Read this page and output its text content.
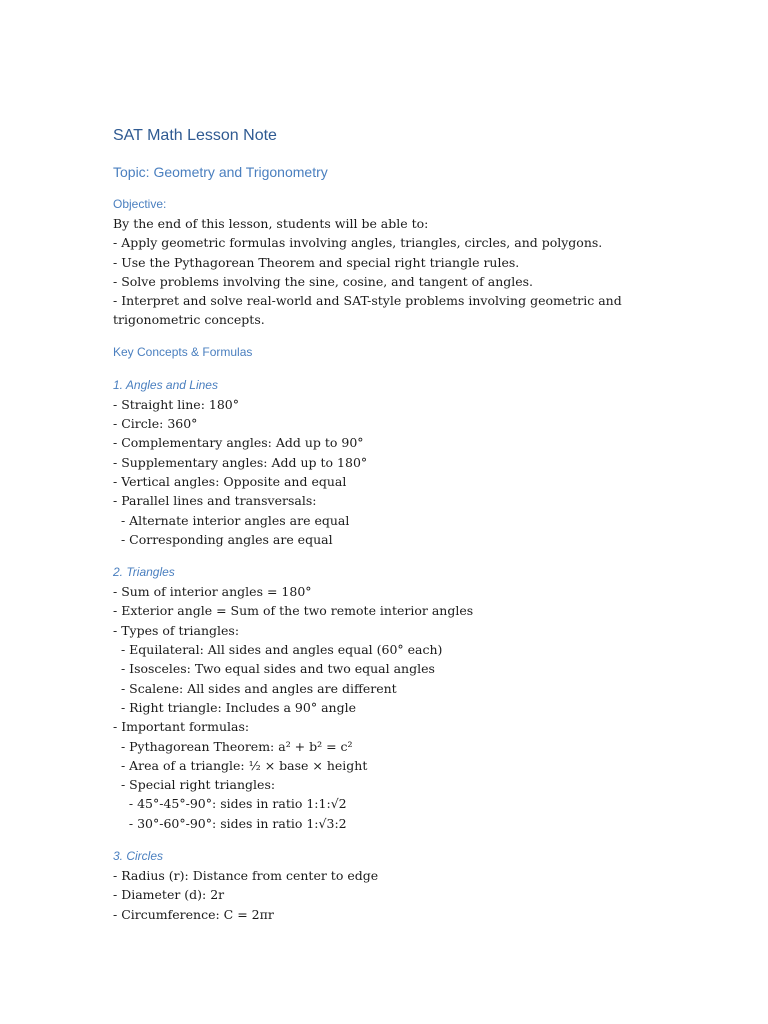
SAT Math Lesson Note
Topic: Geometry and Trigonometry
Objective:
By the end of this lesson, students will be able to:
- Apply geometric formulas involving angles, triangles, circles, and polygons.
- Use the Pythagorean Theorem and special right triangle rules.
- Solve problems involving the sine, cosine, and tangent of angles.
- Interpret and solve real-world and SAT-style problems involving geometric and
trigonometric concepts.
Key Concepts & Formulas
1. Angles and Lines
- Straight line: 180°
- Circle: 360°
- Complementary angles: Add up to 90°
- Supplementary angles: Add up to 180°
- Vertical angles: Opposite and equal
- Parallel lines and transversals:
- Alternate interior angles are equal
- Corresponding angles are equal
2. Triangles
- Sum of interior angles = 180°
- Exterior angle = Sum of the two remote interior angles
- Types of triangles:
- Equilateral: All sides and angles equal (60° each)
- Isosceles: Two equal sides and two equal angles
- Scalene: All sides and angles are different
- Right triangle: Includes a 90° angle
- Important formulas:
- Pythagorean Theorem: a² + b² = c²
- Area of a triangle: ½ × base × height
- Special right triangles:
- 45°-45°-90°: sides in ratio 1:1:√2
- 30°-60°-90°: sides in ratio 1:√3:2
3. Circles
- Radius (r): Distance from center to edge
- Diameter (d): 2r
- Circumference: C = 2πr
